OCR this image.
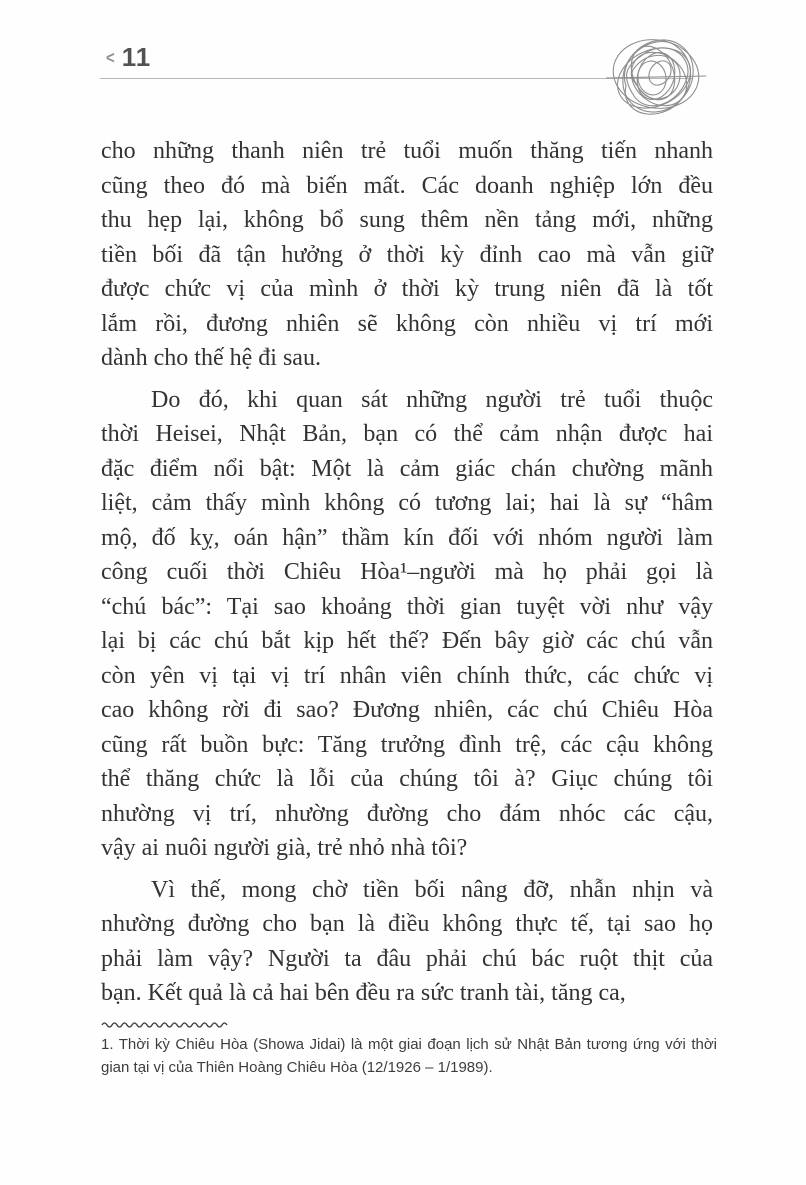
< 11
cho những thanh niên trẻ tuổi muốn thăng tiến nhanh
cũng theo đó mà biến mất. Các doanh nghiệp lớn đều
thu hẹp lại, không bổ sung thêm nền tảng mới, những
tiền bối đã tận hưởng ở thời kỳ đỉnh cao mà vẫn giữ
được chức vị của mình ở thời kỳ trung niên đã là tốt
lắm rồi, đương nhiên sẽ không còn nhiều vị trí mới
dành cho thế hệ đi sau.
Do đó, khi quan sát những người trẻ tuổi thuộc
thời Heisei, Nhật Bản, bạn có thể cảm nhận được hai
đặc điểm nổi bật: Một là cảm giác chán chường mãnh
liệt, cảm thấy mình không có tương lai; hai là sự “hâm
mộ, đố kỵ, oán hận” thầm kín đối với nhóm người làm
công cuối thời Chiêu Hòa¹–người mà họ phải gọi là
“chú bác”: Tại sao khoảng thời gian tuyệt vời như vậy
lại bị các chú bắt kịp hết thế? Đến bây giờ các chú vẫn
còn yên vị tại vị trí nhân viên chính thức, các chức vị
cao không rời đi sao? Đương nhiên, các chú Chiêu Hòa
cũng rất buồn bực: Tăng trưởng đình trệ, các cậu không
thể thăng chức là lỗi của chúng tôi à? Giục chúng tôi
nhường vị trí, nhường đường cho đám nhóc các cậu,
vậy ai nuôi người già, trẻ nhỏ nhà tôi?
Vì thế, mong chờ tiền bối nâng đỡ, nhẫn nhịn và
nhường đường cho bạn là điều không thực tế, tại sao họ
phải làm vậy? Người ta đâu phải chú bác ruột thịt của
bạn. Kết quả là cả hai bên đều ra sức tranh tài, tăng ca,
1. Thời kỳ Chiêu Hòa (Showa Jidai) là một giai đoạn lịch sử Nhật Bản tương ứng với thời
gian tại vị của Thiên Hoàng Chiêu Hòa (12/1926 – 1/1989).
